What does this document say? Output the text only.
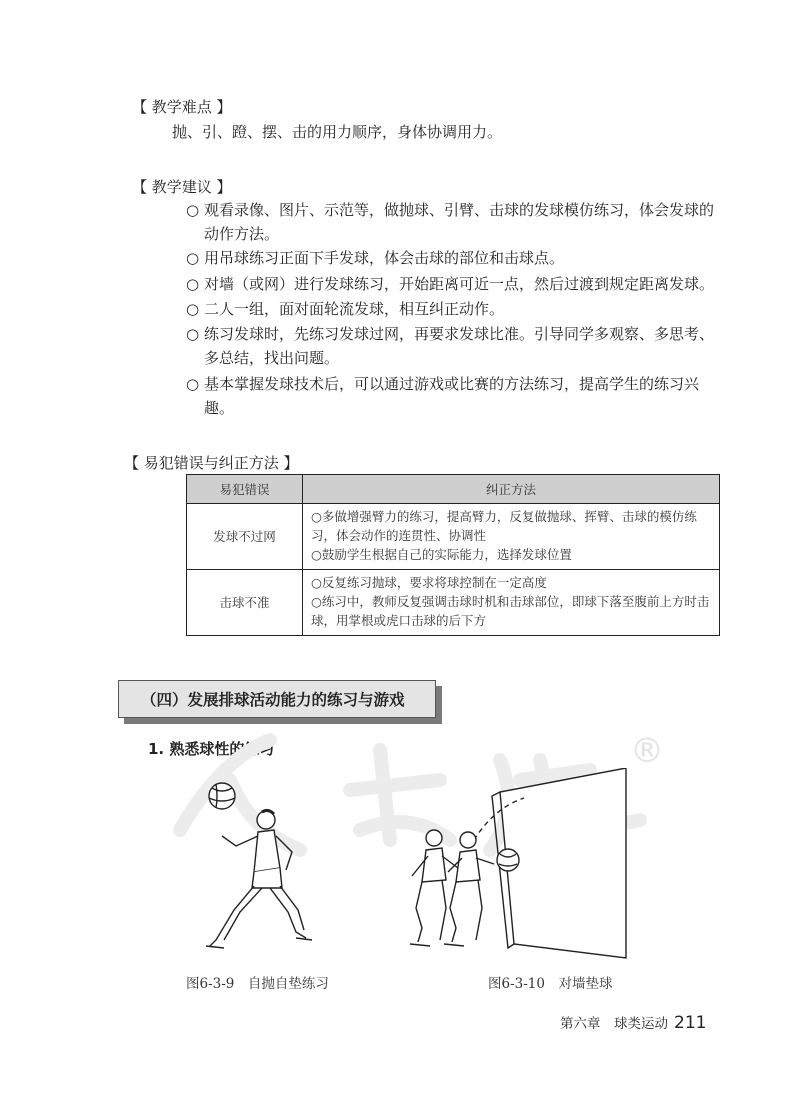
【 教学难点 】
抛、引、蹬、摆、击的用力顺序，身体协调用力。
【 教学建议 】
○ 观看录像、图片、示范等，做抛球、引臂、击球的发球模仿练习，体会发球的动作方法。
○ 用吊球练习正面下手发球，体会击球的部位和击球点。
○ 对墙（或网）进行发球练习，开始距离可近一点，然后过渡到规定距离发球。
○ 二人一组，面对面轮流发球，相互纠正动作。
○ 练习发球时，先练习发球过网，再要求发球比准。引导同学多观察、多思考、多总结，找出问题。
○ 基本掌握发球技术后，可以通过游戏或比赛的方法练习，提高学生的练习兴趣。
【 易犯错误与纠正方法 】
易犯错误	纠正方法
发球不过网	○多做增强臂力的练习，提高臂力，反复做抛球、挥臂、击球的模仿练习，体会动作的连贯性、协调性
○鼓励学生根据自己的实际能力，选择发球位置

击球不准	○反复练习抛球，要求将球控制在一定高度
○练习中，教师反复强调击球时机和击球部位，即球下落至腹前上方时击球，用掌根或虎口击球的后下方
（四）发展排球活动能力的练习与游戏
1. 熟悉球性的练习	®
图6-3-9　自抛自垫练习	图6-3-10　对墙垫球
第六章　球类运动 211
